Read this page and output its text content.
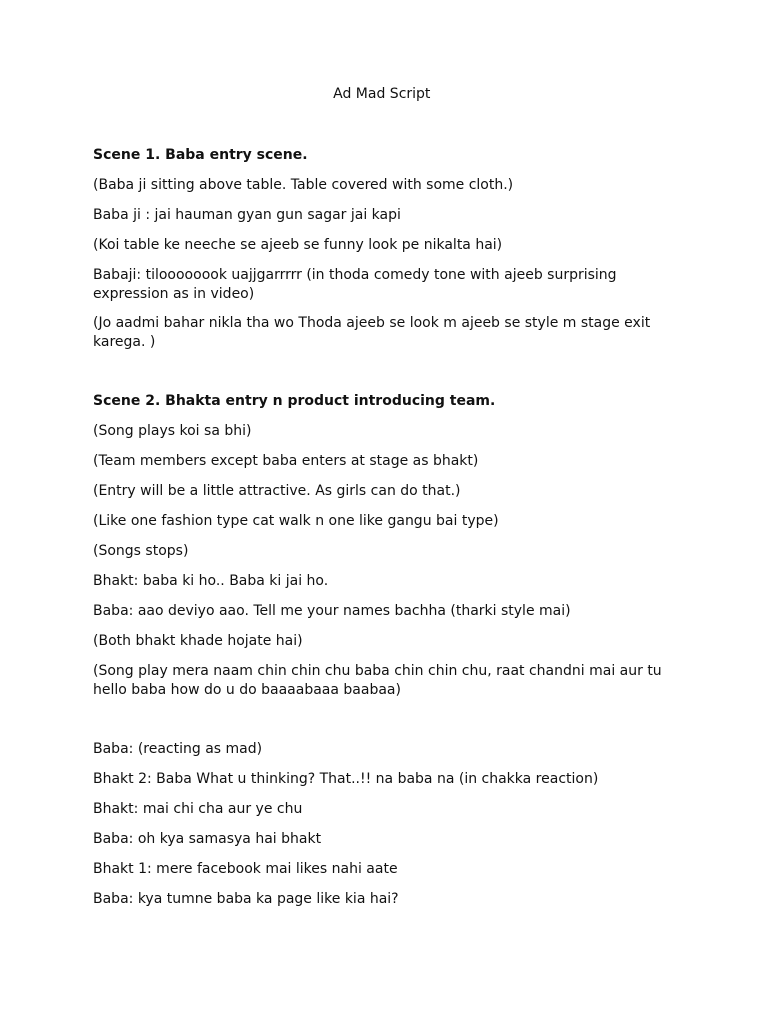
Ad Mad Script

Scene 1. Baba entry scene.

(Baba ji sitting above table. Table covered with some cloth.)

Baba ji : jai hauman gyan gun sagar jai kapi

(Koi table ke neeche se ajeeb se funny look pe nikalta hai)

Babaji: tiloooooook uajjgarrrrr (in thoda comedy tone with ajeeb surprising expression as in video)

(Jo aadmi bahar nikla tha wo Thoda ajeeb se look m ajeeb se style m stage exit karega. )

Scene 2. Bhakta entry n product introducing team.

(Song plays koi sa bhi)

(Team members except baba enters at stage as bhakt)

(Entry will be a little attractive. As girls can do that.)

(Like one fashion type cat walk n one like gangu bai type)

(Songs stops)

Bhakt: baba ki ho.. Baba ki jai ho.

Baba: aao deviyo aao. Tell me your names bachha (tharki style mai)

(Both bhakt khade hojate hai)

(Song play mera naam chin chin chu baba chin chin chu, raat chandni mai aur tu hello baba how do u do baaaabaaa baabaa)

Baba: (reacting as mad)

Bhakt 2: Baba What u thinking? That..!! na baba na (in chakka reaction)

Bhakt: mai chi cha aur ye chu

Baba: oh kya samasya hai bhakt

Bhakt 1: mere facebook mai likes nahi aate

Baba: kya tumne baba ka page like kia hai?
